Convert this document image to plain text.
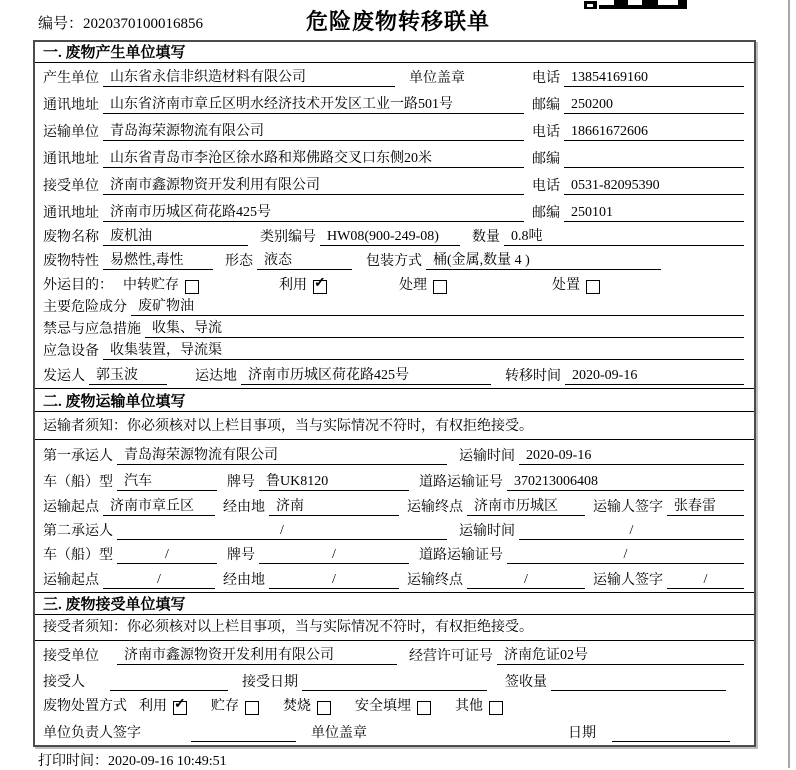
编号：2020370100016856	危险废物转移联单
一. 废物产生单位填写
产生单位 山东省永信非织造材料有限公司	单位盖章	电话 13854169160
通讯地址 山东省济南市章丘区明水经济技术开发区工业一路501号	邮编 250200
运输单位 青岛海荣源物流有限公司	电话 18661672606
通讯地址 山东省青岛市李沧区徐水路和郑佛路交叉口东侧20米	邮编
接受单位 济南市鑫源物资开发利用有限公司	电话 0531-82095390
通讯地址 济南市历城区荷花路425号	邮编 250101
废物名称 废机油	类别编号 HW08(900-249-08)	数量 0.8吨
废物特性 易燃性,毒性	形态 液态	包装方式 桶(金属,数量 4 )
外运目的： 中转贮存	利用 ✓	处理	处置
主要危险成分 废矿物油
禁忌与应急措施 收集、导流
应急设备 收集装置，导流渠
发运人 郭玉波	运达地 济南市历城区荷花路425号	转移时间 2020-09-16
二. 废物运输单位填写
运输者须知：你必须核对以上栏目事项，当与实际情况不符时，有权拒绝接受。
第一承运人 青岛海荣源物流有限公司	运输时间 2020-09-16
车（船）型 汽车	牌号 鲁UK8120	道路运输证号 370213006408
运输起点 济南市章丘区	经由地 济南	运输终点 济南市历城区	运输人签字 张春雷
第二承运人	/	运输时间	/
车（船）型	/	牌号	/	道路运输证号	/
运输起点	/	经由地	/	运输终点	/	运输人签字	/
三. 废物接受单位填写
接受者须知：你必须核对以上栏目事项，当与实际情况不符时，有权拒绝接受。
接受单位	济南市鑫源物资开发利用有限公司	经营许可证号 济南危证02号
接受人	接受日期	签收量
废物处置方式 利用 ✓	贮存	焚烧	安全填埋	其他
单位负责人签字	单位盖章	日期
打印时间：2020-09-16 10:49:51
